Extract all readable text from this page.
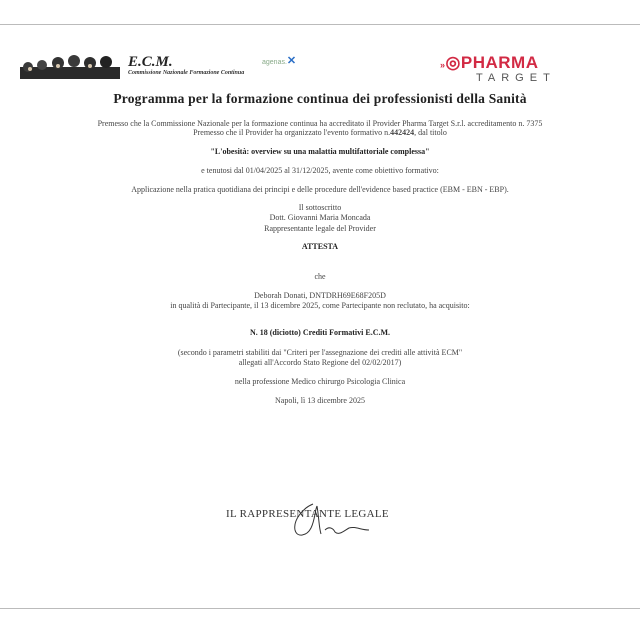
E.C.M.
Commissione Nazionale Formazione Continua
agenas.✕	»◎PHARMA
TARGET
Programma per la formazione continua dei professionisti della Sanità
Premesso che la Commissione Nazionale per la formazione continua ha accreditato il Provider Pharma Target S.r.l. accreditamento n. 7375
Premesso che il Provider ha organizzato l'evento formativo n.442424, dal titolo
"L'obesità: overview su una malattia multifattoriale complessa"
e tenutosi dal 01/04/2025 al 31/12/2025, avente come obiettivo formativo:
Applicazione nella pratica quotidiana dei principi e delle procedure dell'evidence based practice (EBM - EBN - EBP).
Il sottoscritto
Dott. Giovanni Maria Moncada
Rappresentante legale del Provider
ATTESTA
che
Deborah Donati, DNTDRH69E68F205D
in qualità di Partecipante, il 13 dicembre 2025, come Partecipante non reclutato, ha acquisito:
N. 18 (diciotto) Crediti Formativi E.C.M.
(secondo i parametri stabiliti dai "Criteri per l'assegnazione dei crediti alle attività ECM"
allegati all'Accordo Stato Regione del 02/02/2017)
nella professione Medico chirurgo Psicologia Clinica
Napoli, lì 13 dicembre 2025
IL RAPPRESENTANTE LEGALE
